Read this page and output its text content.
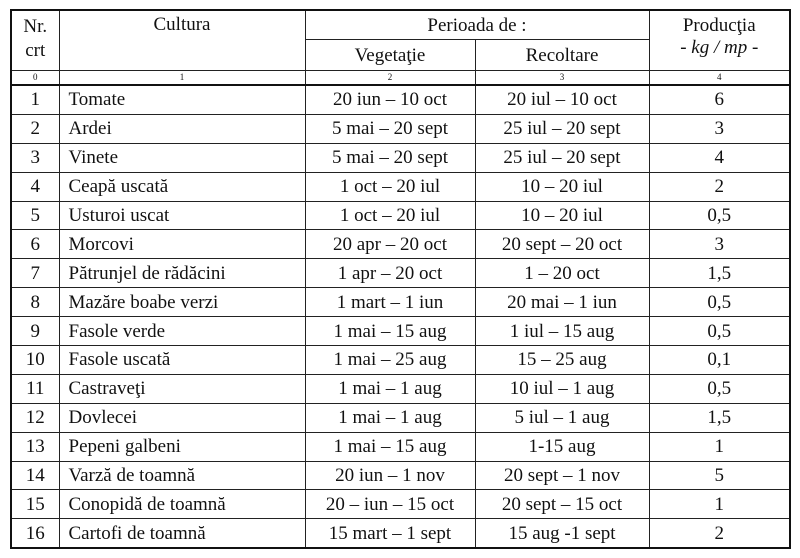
Nr.
crt	Cultura	Perioada de :		Producţia
- kg / mp -

		Vegetaţie	Recoltare	
0	1	2	3	4
1	Tomate	20 iun – 10 oct	20 iul – 10 oct	6
2	Ardei	5 mai – 20 sept	25 iul – 20 sept	3
3	Vinete	5 mai – 20 sept	25 iul – 20 sept	4
4	Ceapă uscată	1 oct – 20 iul	10 – 20 iul	2
5	Usturoi uscat	1 oct – 20 iul	10 – 20 iul	0,5
6	Morcovi	20 apr – 20 oct	20 sept – 20 oct	3
7	Pătrunjel de rădăcini	1 apr – 20 oct	1 – 20 oct	1,5
8	Mazăre boabe verzi	1 mart – 1 iun	20 mai – 1 iun	0,5
9	Fasole verde	1 mai – 15 aug	1 iul – 15 aug	0,5
10	Fasole uscată	1 mai – 25 aug	15 – 25 aug	0,1
11	Castraveţi	1 mai – 1 aug	10 iul – 1 aug	0,5
12	Dovlecei	1 mai – 1 aug	5 iul – 1 aug	1,5
13	Pepeni galbeni	1 mai – 15 aug	1-15 aug	1
14	Varză de toamnă	20 iun – 1 nov	20 sept – 1 nov	5
15	Conopidă de toamnă	20 – iun – 15 oct	20 sept – 15 oct	1
16	Cartofi de toamnă	15 mart – 1 sept	15 aug -1 sept	2
